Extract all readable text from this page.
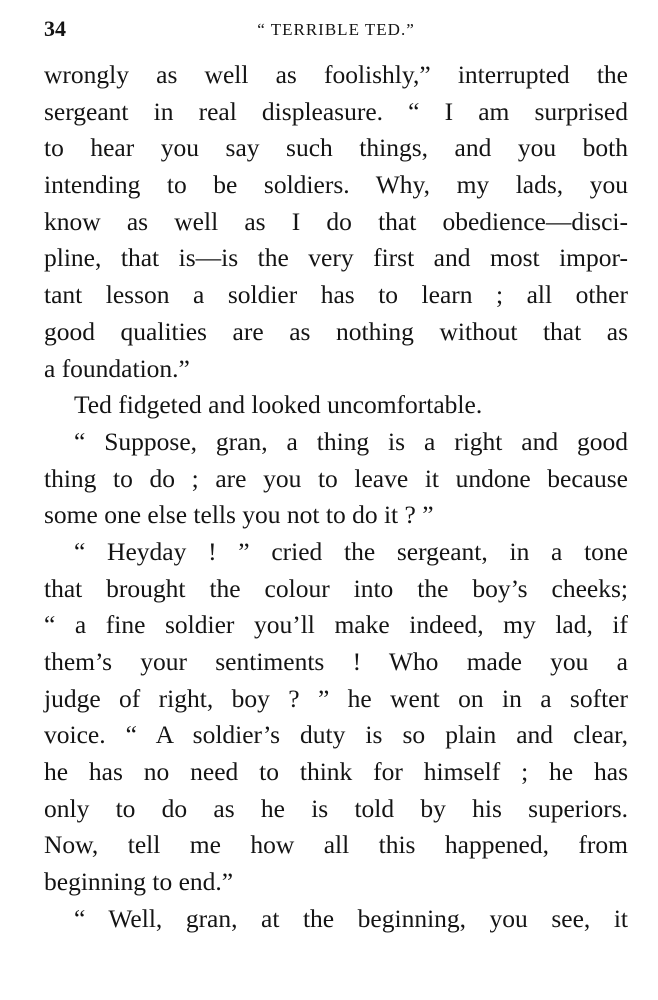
34	“ TERRIBLE TED.”
wrongly as well as foolishly,” interrupted the
sergeant in real displeasure. “ I am surprised
to hear you say such things, and you both
intending to be soldiers. Why, my lads, you
know as well as I do that obedience—disci-
pline, that is—is the very first and most impor-
tant lesson a soldier has to learn ; all other
good qualities are as nothing without that as
a foundation.”
Ted fidgeted and looked uncomfortable.
“ Suppose, gran, a thing is a right and good
thing to do ; are you to leave it undone because
some one else tells you not to do it ? ”
“ Heyday ! ” cried the sergeant, in a tone
that brought the colour into the boy’s cheeks;
“ a fine soldier you’ll make indeed, my lad, if
them’s your sentiments ! Who made you a
judge of right, boy ? ” he went on in a softer
voice. “ A soldier’s duty is so plain and clear,
he has no need to think for himself ; he has
only to do as he is told by his superiors.
Now, tell me how all this happened, from
beginning to end.”
“ Well, gran, at the beginning, you see, it
